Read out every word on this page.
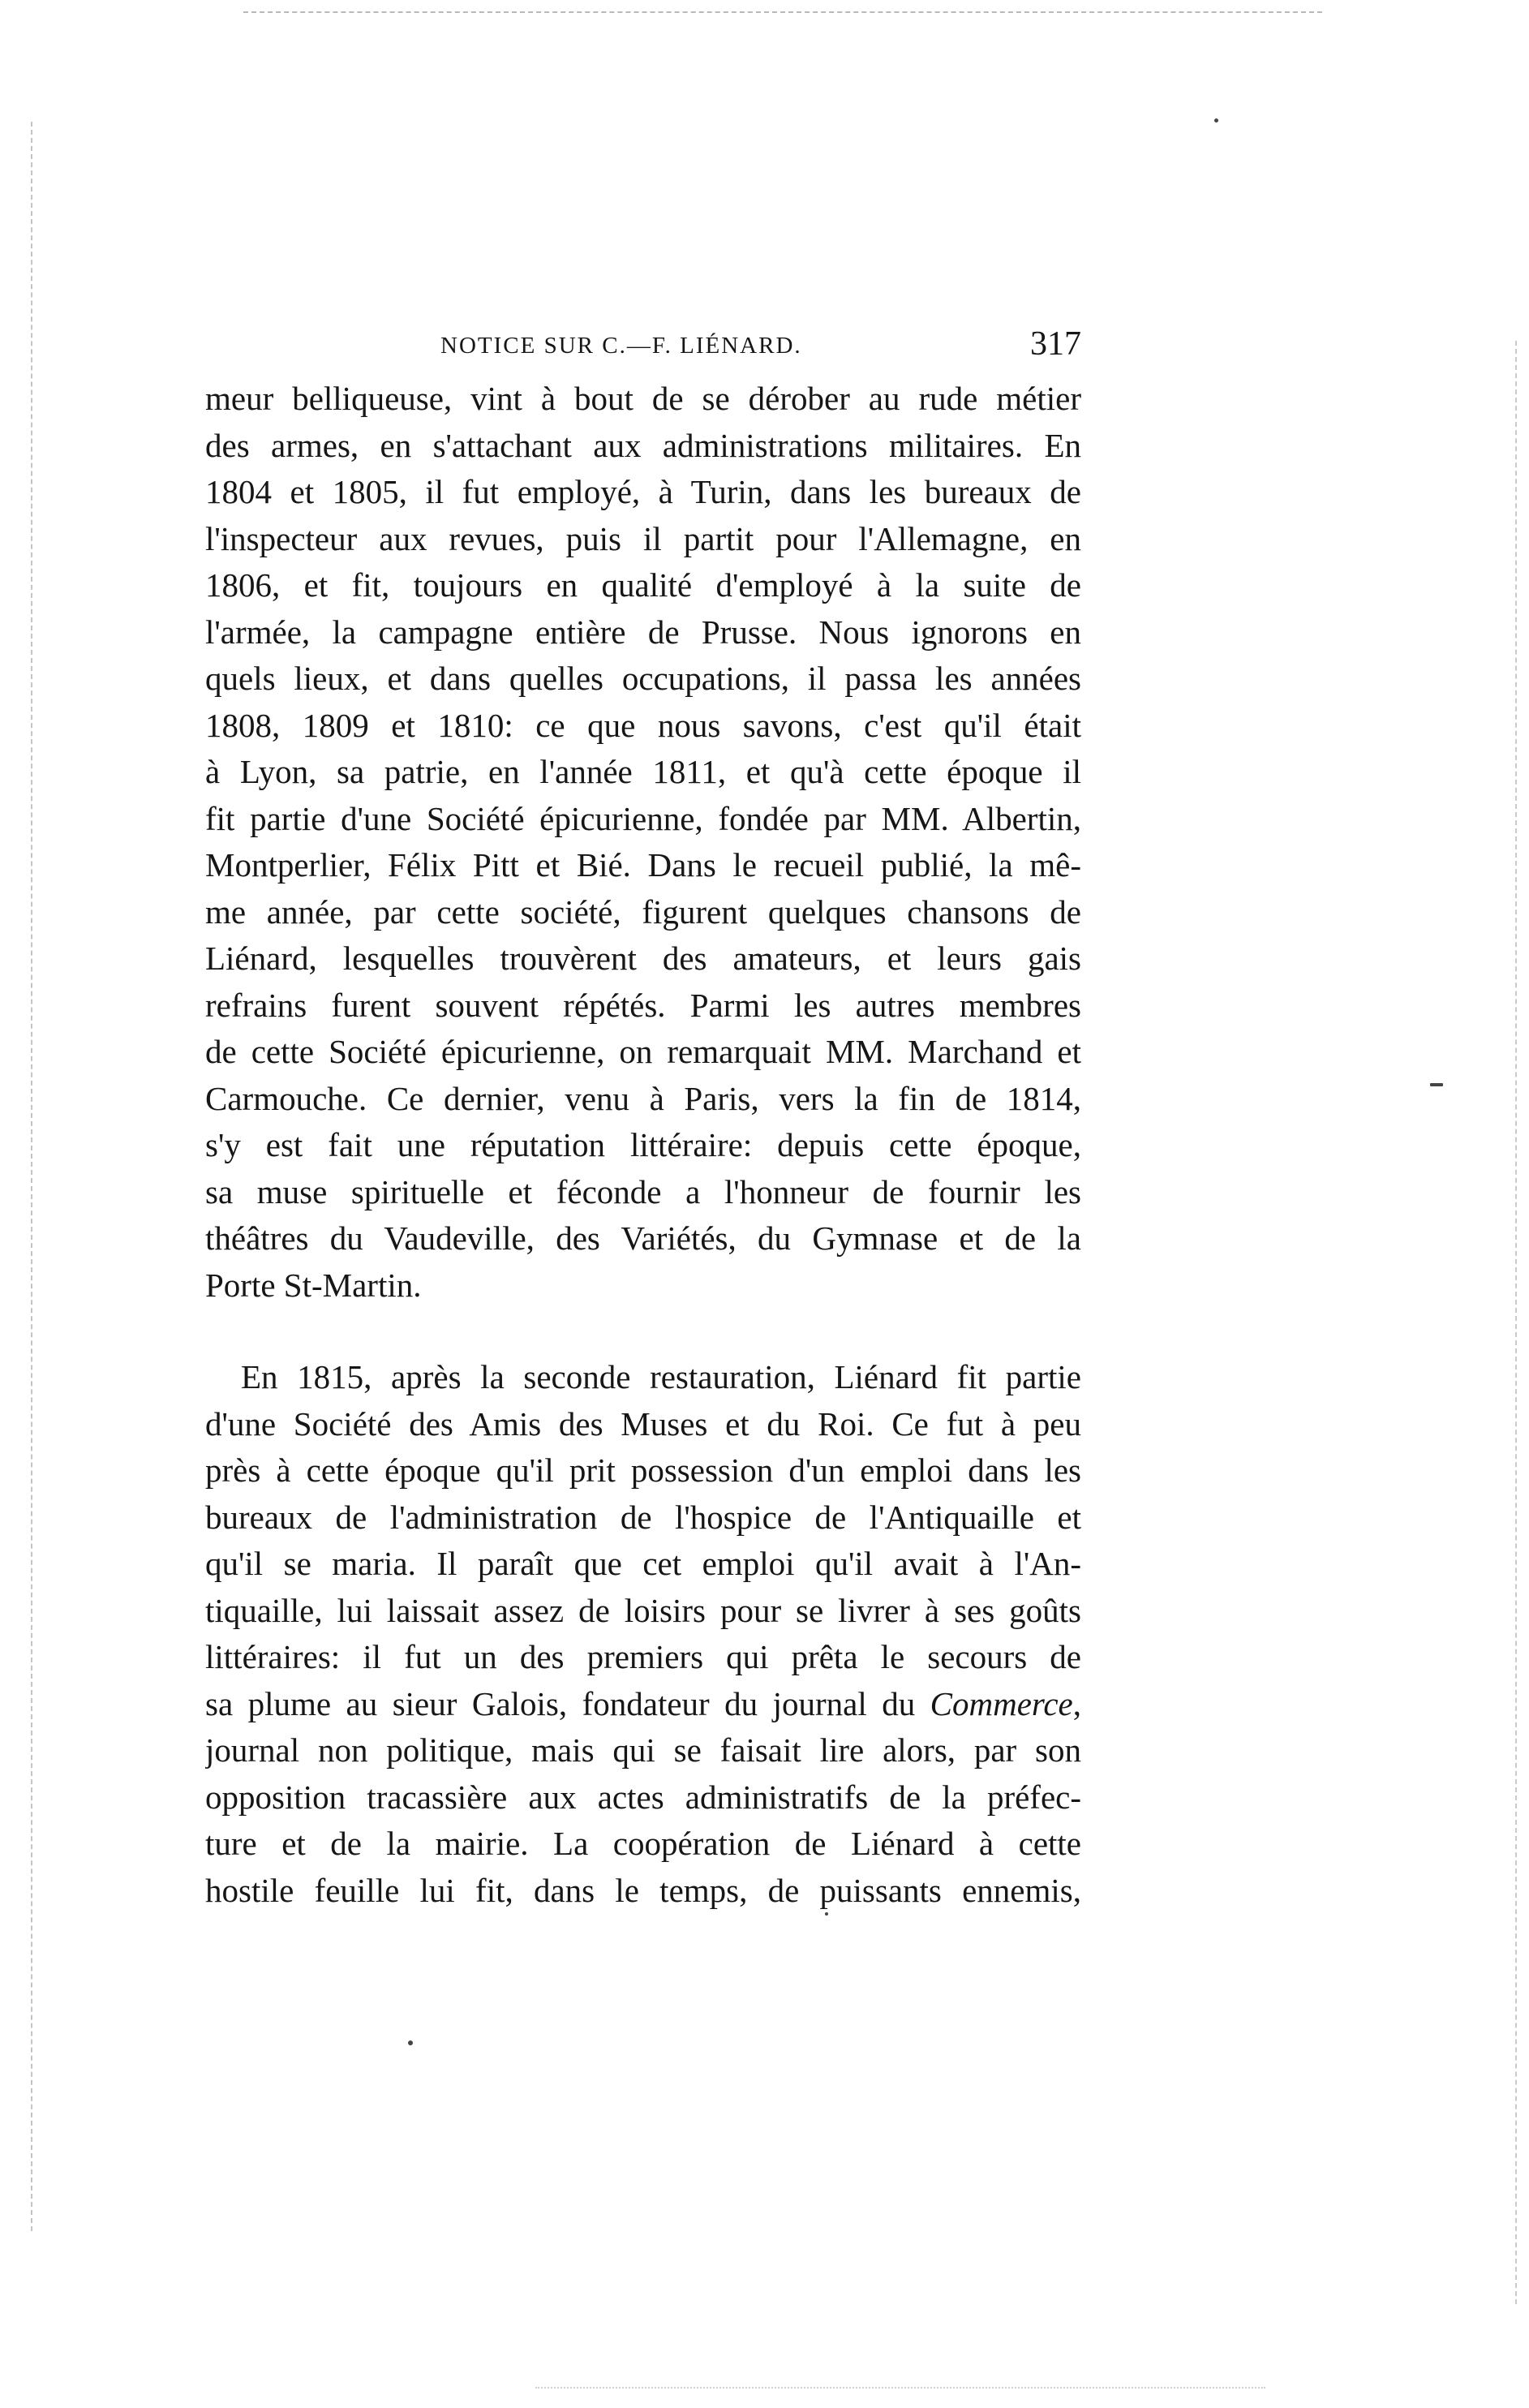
NOTICE SUR C.—F. LIÉNARD.	317
meur belliqueuse, vint à bout de se dérober au rude métier
des armes, en s'attachant aux administrations militaires. En
1804 et 1805, il fut employé, à Turin, dans les bureaux de
l'inspecteur aux revues, puis il partit pour l'Allemagne, en
1806, et fit, toujours en qualité d'employé à la suite de
l'armée, la campagne entière de Prusse. Nous ignorons en
quels lieux, et dans quelles occupations, il passa les années
1808, 1809 et 1810: ce que nous savons, c'est qu'il était
à Lyon, sa patrie, en l'année 1811, et qu'à cette époque il
fit partie d'une Société épicurienne, fondée par MM. Albertin,
Montperlier, Félix Pitt et Bié. Dans le recueil publié, la mê-
me année, par cette société, figurent quelques chansons de
Liénard, lesquelles trouvèrent des amateurs, et leurs gais
refrains furent souvent répétés. Parmi les autres membres
de cette Société épicurienne, on remarquait MM. Marchand et
Carmouche. Ce dernier, venu à Paris, vers la fin de 1814,
s'y est fait une réputation littéraire: depuis cette époque,
sa muse spirituelle et féconde a l'honneur de fournir les
théâtres du Vaudeville, des Variétés, du Gymnase et de la
Porte St-Martin.
En 1815, après la seconde restauration, Liénard fit partie
d'une Société des Amis des Muses et du Roi. Ce fut à peu
près à cette époque qu'il prit possession d'un emploi dans les
bureaux de l'administration de l'hospice de l'Antiquaille et
qu'il se maria. Il paraît que cet emploi qu'il avait à l'An-
tiquaille, lui laissait assez de loisirs pour se livrer à ses goûts
littéraires: il fut un des premiers qui prêta le secours de
sa plume au sieur Galois, fondateur du journal du Commerce,
journal non politique, mais qui se faisait lire alors, par son
opposition tracassière aux actes administratifs de la préfec-
ture et de la mairie. La coopération de Liénard à cette
hostile feuille lui fit, dans le temps, de puissants ennemis,
